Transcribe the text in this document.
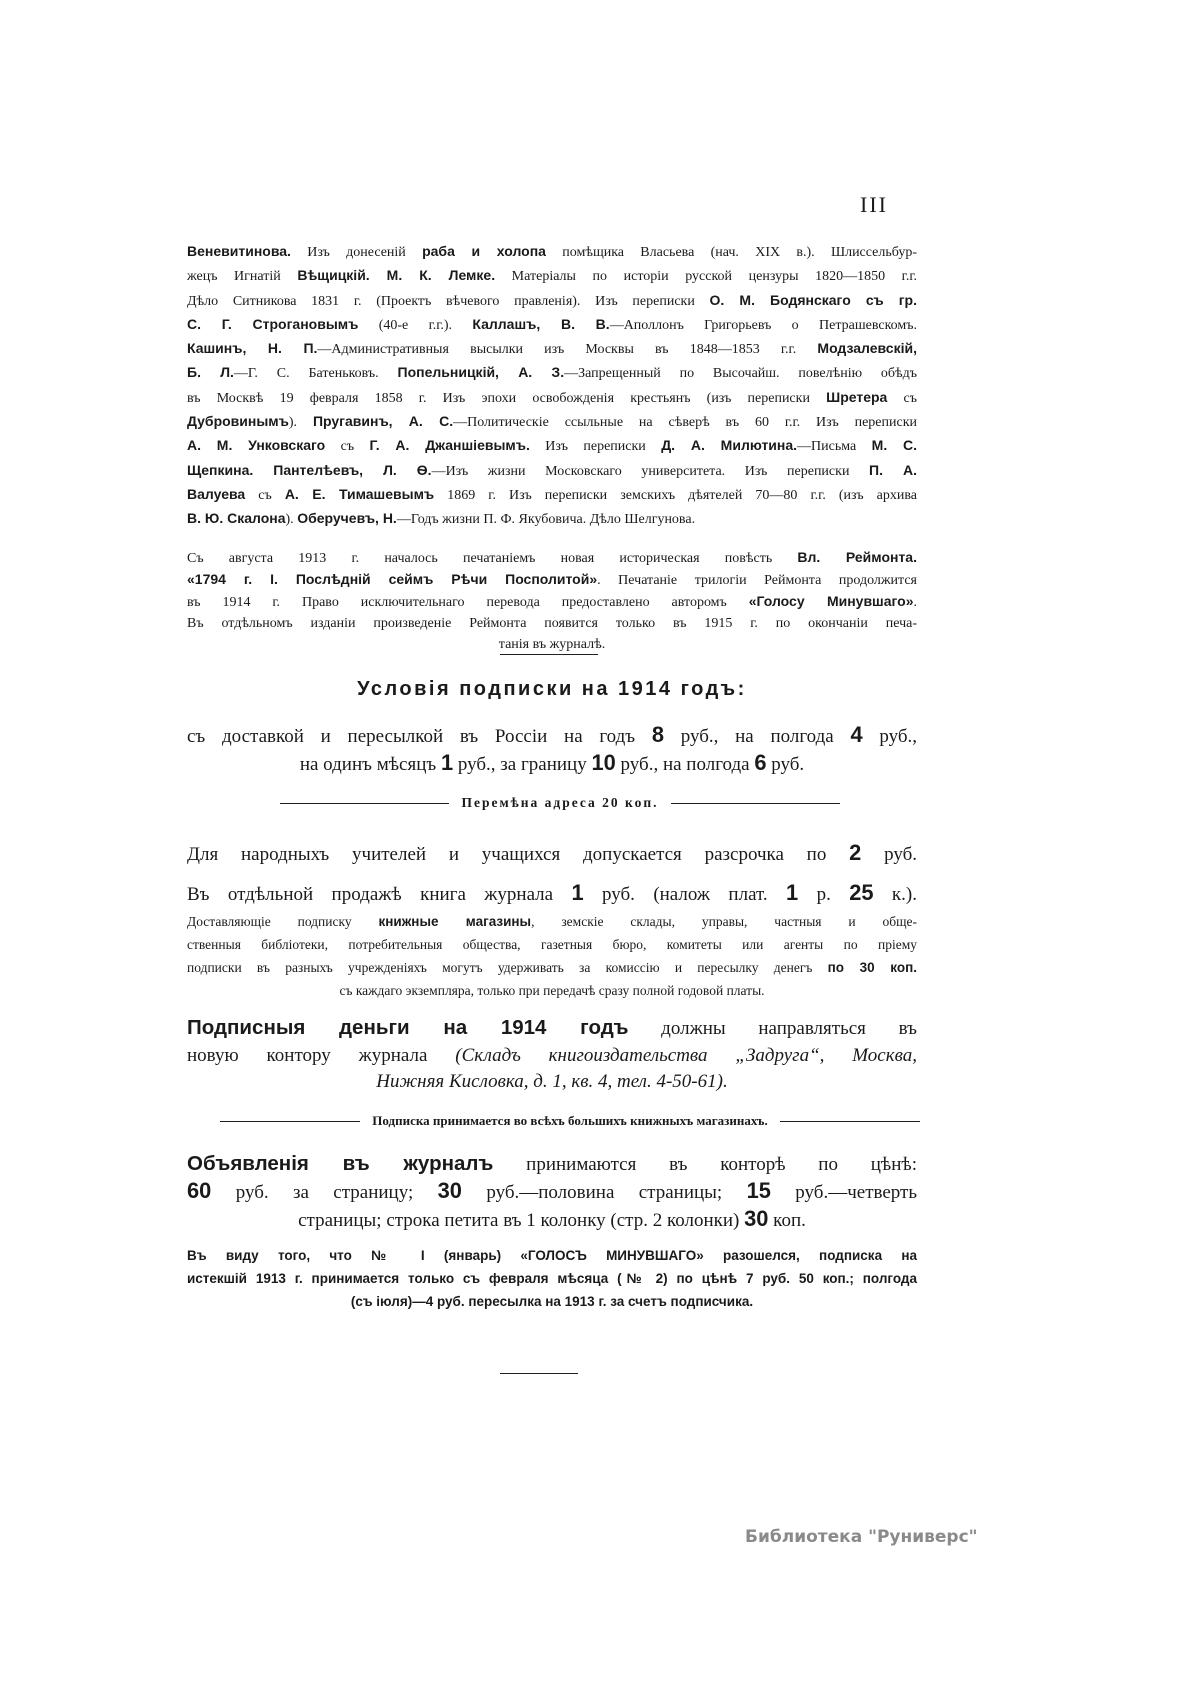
III
Веневитинова. Изъ донесеній раба и холопа помѣщика Власьева (нач. XIX в.). Шлиссельбур-
жецъ Игнатій Вѣщицкій. М. К. Лемке. Матеріалы по исторіи русской цензуры 1820—1850 г.г.
Дѣло Ситникова 1831 г. (Проектъ вѣчевого правленія). Изъ переписки О. М. Бодянскаго съ гр.
С. Г. Строгановымъ (40-е г.г.). Каллашъ, В. В.—Аполлонъ Григорьевъ о Петрашевскомъ.
Кашинъ, Н. П.—Административныя высылки изъ Москвы въ 1848—1853 г.г. Модзалевскій,
Б. Л.—Г. С. Батеньковъ. Попельницкій, А. З.—Запрещенный по Высочайш. повелѣнію обѣдъ
въ Москвѣ 19 февраля 1858 г. Изъ эпохи освобожденія крестьянъ (изъ переписки Шретера съ
Дубровинымъ). Пругавинъ, А. С.—Политическіе ссыльные на сѣверѣ въ 60 г.г. Изъ переписки
А. М. Унковскаго съ Г. А. Джаншіевымъ. Изъ переписки Д. А. Милютина.—Письма М. С.
Щепкина. Пантелѣевъ, Л. Ѳ.—Изъ жизни Московскаго университета. Изъ переписки П. А.
Валуева съ А. Е. Тимашевымъ 1869 г. Изъ переписки земскихъ дѣятелей 70—80 г.г. (изъ архива
В. Ю. Скалона). Оберучевъ, Н.—Годъ жизни П. Ф. Якубовича. Дѣло Шелгунова.
Съ августа 1913 г. началось печатаніемъ новая историческая повѣсть Вл. Реймонта.
«1794 г. I. Послѣдній сеймъ Рѣчи Посполитой». Печатаніе трилогіи Реймонта продолжится
въ 1914 г. Право исключительнаго перевода предоставлено авторомъ «Голосу Минувшаго».
Въ отдѣльномъ изданіи произведеніе Реймонта появится только въ 1915 г. по окончаніи печа-
танія въ журналѣ.
Условія подписки на 1914 годъ:
съ доставкой и пересылкой въ Россіи на годъ 8 руб., на полгода 4 руб.,
на одинъ мѣсяцъ 1 руб., за границу 10 руб., на полгода 6 руб.
Перемѣна адреса 20 коп.
Для народныхъ учителей и учащихся допускается разсрочка по 2 руб.
Въ отдѣльной продажѣ книга журнала 1 руб. (налож плат. 1 р. 25 к.).
Доставляющіе подписку книжные магазины, земскіе склады, управы, частныя и обще-
ственныя библіотеки, потребительныя общества, газетныя бюро, комитеты или агенты по пріему
подписки въ разныхъ учрежденіяхъ могутъ удерживать за комиссію и пересылку денегъ по 30 коп.
съ каждаго экземпляра, только при передачѣ сразу полной годовой платы.
Подписныя деньги на 1914 годъ должны направляться въ
новую контору журнала (Складъ книгоиздательства „Задруга“, Москва,
Нижняя Кисловка, д. 1, кв. 4, тел. 4-50-61).
Подписка принимается во всѣхъ большихъ книжныхъ магазинахъ.
Объявленія въ журналъ принимаются въ конторѣ по цѣнѣ:
60 руб. за страницу; 30 руб.—половина страницы; 15 руб.—четверть
страницы; строка петита въ 1 колонку (стр. 2 колонки) 30 коп.
Въ виду того, что № I (январь) «ГОЛОСЪ МИНУВШАГО» разошелся, подписка на
истекшій 1913 г. принимается только съ февраля мѣсяца (№ 2) по цѣнѣ 7 руб. 50 коп.; полгода
(съ іюля)—4 руб. пересылка на 1913 г. за счетъ подписчика.
Библиотека "Руниверс"
